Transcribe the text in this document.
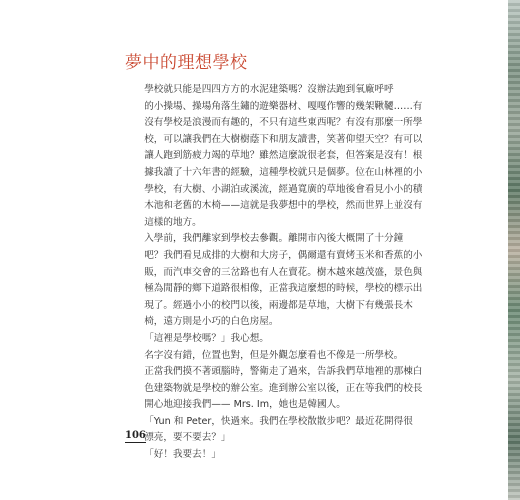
夢中的理想學校

學校就只能是四四方方的水泥建築嗎？沒辦法跑到氧廠呼呼
的小操場、操場角落生鏽的遊樂器材、嘎嘎作響的幾架鞦韆……有
沒有學校是浪漫而有趣的，不只有這些東西呢？有沒有那麼一所學
校，可以讓我們在大樹樹蔭下和朋友讀書，笑著仰望天空？有可以
讓人跑到筋疲力竭的草地？雖然這麼說很老套，但答案是沒有！根
據我讀了十六年書的經驗，這種學校就只是個夢。位在山林裡的小
學校，有大樹、小湖泊或溪流，經過寬廣的草地後會看見小小的積
木池和老舊的木椅——這就是我夢想中的學校，然而世界上並沒有
這樣的地方。

入學前，我們離家到學校去參觀。離開市內後大概開了十分鐘
吧？我們看見成排的大樹和大房子，偶爾還有賣烤玉米和香蕉的小
販，而汽車交會的三岔路也有人在賣花。樹木越來越茂盛，景色與
極為閒靜的鄉下道路很相像，正當我這麼想的時候，學校的標示出
現了。經過小小的校門以後，兩邊都是草地，大樹下有幾張長木
椅，遠方則是小巧的白色房屋。

「這裡是學校嗎？」我心想。

名字沒有錯，位置也對，但是外觀怎麼看也不像是一所學校。
正當我們摸不著頭腦時，警衛走了過來，告訴我們草地裡的那棟白
色建築物就是學校的辦公室。進到辦公室以後，正在等我們的校長
開心地迎接我們—— Mrs. Im，她也是韓國人。

「Yun 和 Peter，快過來。我們在學校散散步吧？最近花開得很
漂亮，要不要去？」

「好！我要去！」

106
